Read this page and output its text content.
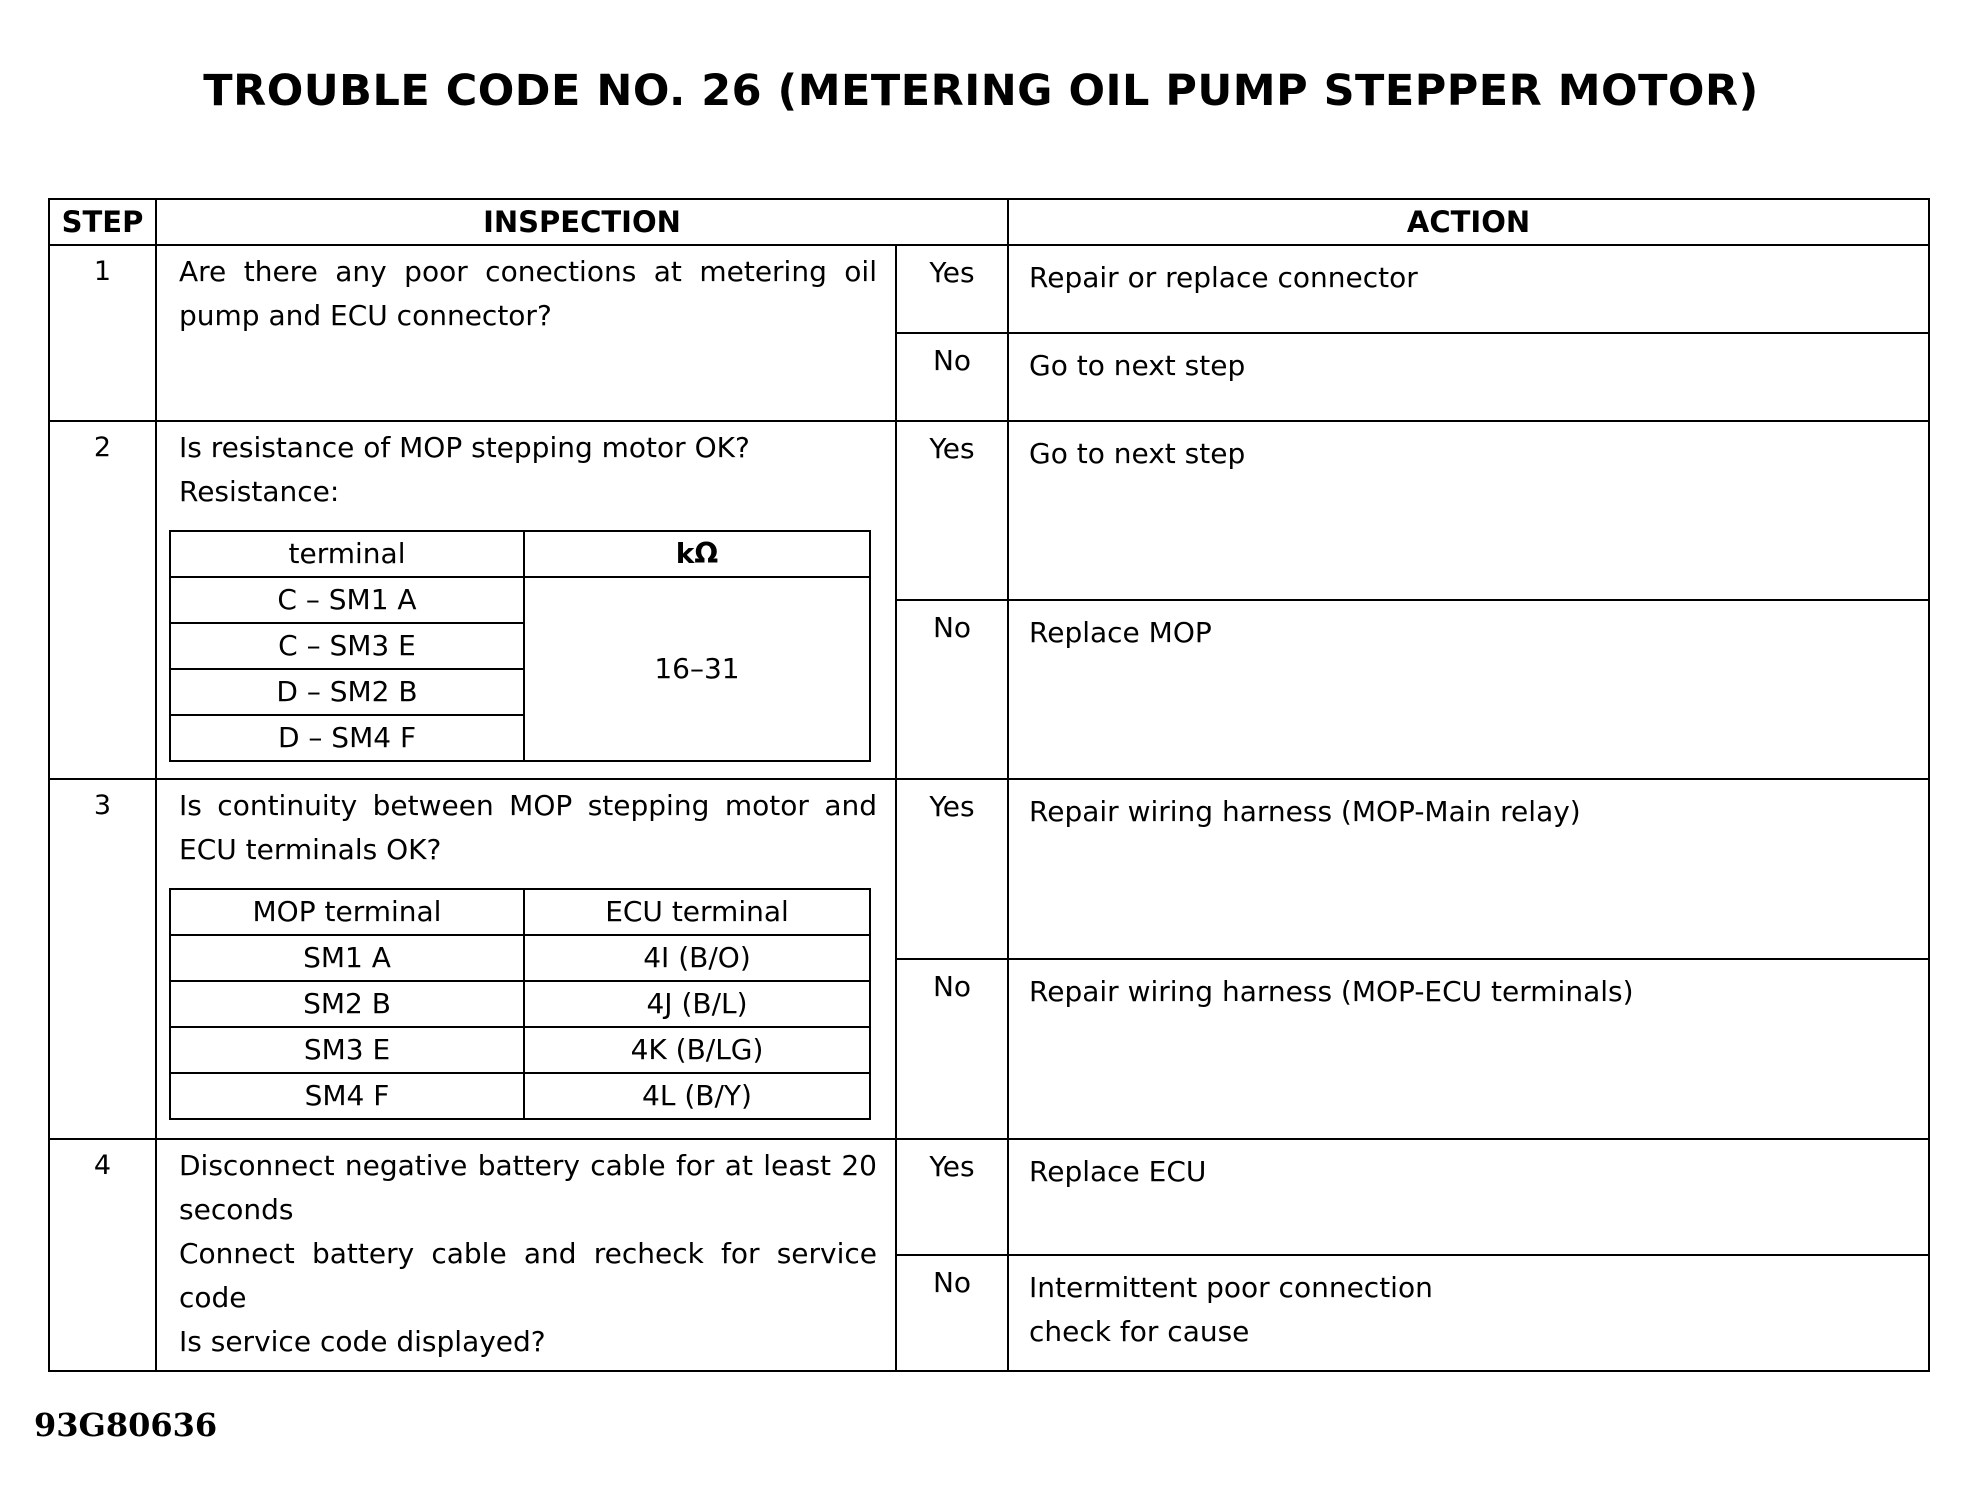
TROUBLE CODE NO. 26 (METERING OIL PUMP STEPPER MOTOR)
STEP	INSPECTION	ACTION
1	Are there any poor conections at metering oil pump and ECU connector?	Yes	Repair or replace connector
No	Go to next step
2	Is resistance of MOP stepping motor OK?
Resistance:
terminal	kΩ
C – SM1 A	16–31
C – SM3 E
D – SM2 B
D – SM4 F
	Yes	Go to next step
No	Replace MOP
3	Is continuity between MOP stepping motor and ECU terminals OK?
MOP terminal	ECU terminal
SM1 A	4I (B/O)
SM2 B	4J (B/L)
SM3 E	4K (B/LG)
SM4 F	4L (B/Y)
	Yes	Repair wiring harness (MOP-Main relay)
No	Repair wiring harness (MOP-ECU terminals)
4	Disconnect negative battery cable for at least 20 seconds
Connect battery cable and recheck for service code
Is service code displayed?
	Yes	Replace ECU
No	Intermittent poor connection
check for cause
93G80636
